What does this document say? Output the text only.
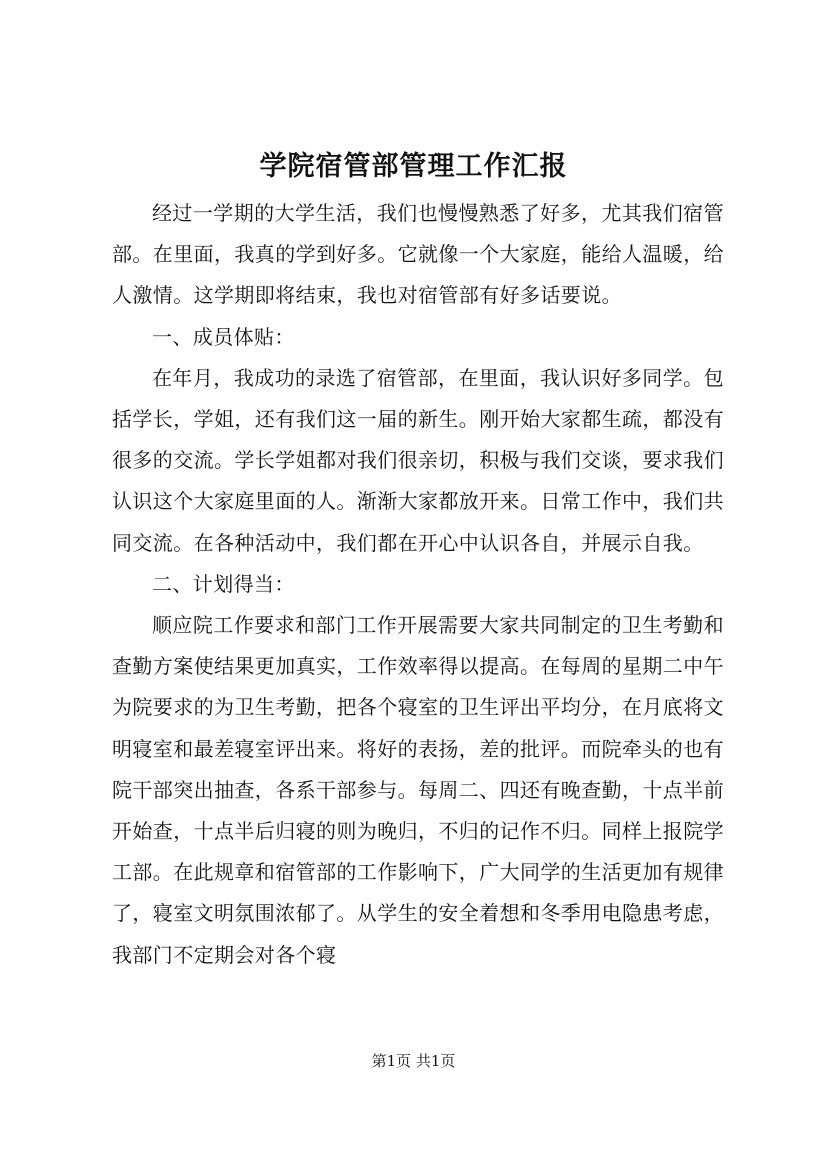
学院宿管部管理工作汇报

经过一学期的大学生活，我们也慢慢熟悉了好多，尤其我们宿管部。在里面，我真的学到好多。它就像一个大家庭，能给人温暖，给人激情。这学期即将结束，我也对宿管部有好多话要说。

一、成员体贴：

在年月，我成功的录选了宿管部，在里面，我认识好多同学。包括学长，学姐，还有我们这一届的新生。刚开始大家都生疏，都没有很多的交流。学长学姐都对我们很亲切，积极与我们交谈，要求我们认识这个大家庭里面的人。渐渐大家都放开来。日常工作中，我们共同交流。在各种活动中，我们都在开心中认识各自，并展示自我。

二、计划得当：

顺应院工作要求和部门工作开展需要大家共同制定的卫生考勤和查勤方案使结果更加真实，工作效率得以提高。在每周的星期二中午为院要求的为卫生考勤，把各个寝室的卫生评出平均分，在月底将文明寝室和最差寝室评出来。将好的表扬，差的批评。而院牵头的也有院干部突出抽查，各系干部参与。每周二、四还有晚查勤，十点半前开始查，十点半后归寝的则为晚归，不归的记作不归。同样上报院学工部。在此规章和宿管部的工作影响下，广大同学的生活更加有规律了，寝室文明氛围浓郁了。从学生的安全着想和冬季用电隐患考虑，我部门不定期会对各个寝

第1页 共1页
